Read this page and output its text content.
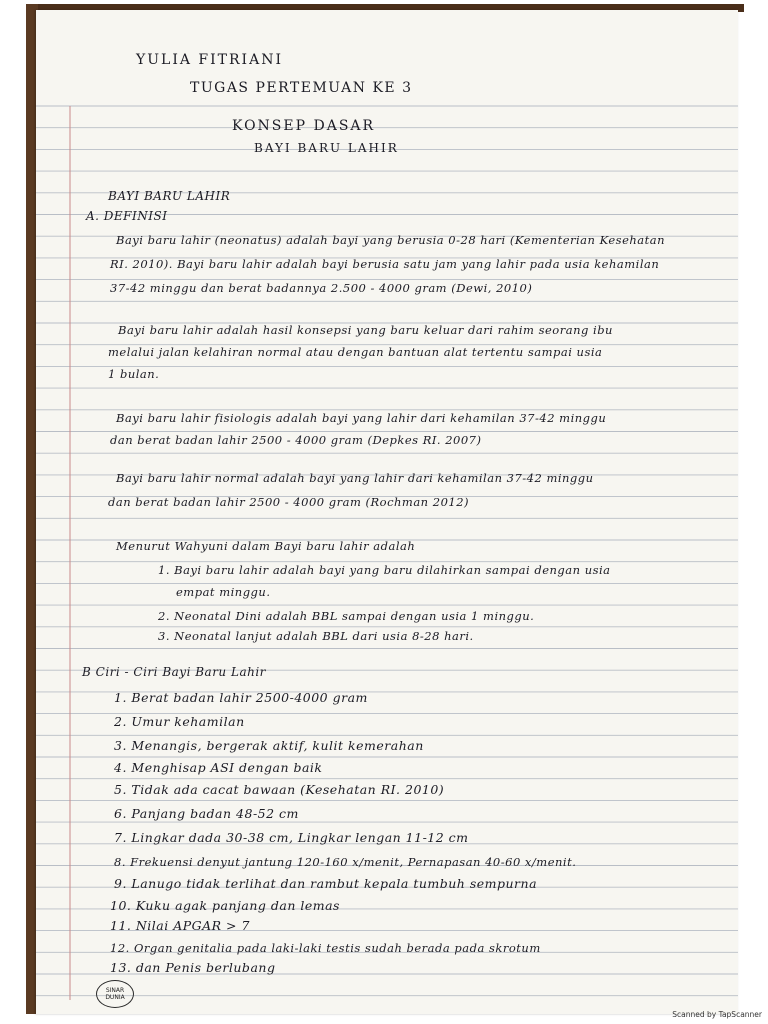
YULIA FITRIANI
TUGAS PERTEMUAN KE 3
KONSEP DASAR
BAYI BARU LAHIR
BAYI BARU LAHIR
A. DEFINISI
Bayi baru lahir (neonatus) adalah bayi yang berusia 0-28 hari (Kementerian Kesehatan
RI. 2010). Bayi baru lahir adalah bayi berusia satu jam yang lahir pada usia kehamilan
37-42 minggu dan berat badannya 2.500 - 4000 gram (Dewi, 2010)
Bayi baru lahir adalah hasil konsepsi yang baru keluar dari rahim seorang ibu
melalui jalan kelahiran normal atau dengan bantuan alat tertentu sampai usia
1 bulan.
Bayi baru lahir fisiologis adalah bayi yang lahir dari kehamilan 37-42 minggu
dan berat badan lahir 2500 - 4000 gram (Depkes RI. 2007)
Bayi baru lahir normal adalah bayi yang lahir dari kehamilan 37-42 minggu
dan berat badan lahir 2500 - 4000 gram (Rochman 2012)
Menurut Wahyuni dalam Bayi baru lahir adalah
1. Bayi baru lahir adalah bayi yang baru dilahirkan sampai dengan usia
empat minggu.
2. Neonatal Dini adalah BBL sampai dengan usia 1 minggu.
3. Neonatal lanjut adalah BBL dari usia 8-28 hari.
B Ciri - Ciri Bayi Baru Lahir
1. Berat badan lahir 2500-4000 gram
2. Umur kehamilan
3. Menangis, bergerak aktif, kulit kemerahan
4. Menghisap ASI dengan baik
5. Tidak ada cacat bawaan (Kesehatan RI. 2010)
6. Panjang badan 48-52 cm
7. Lingkar dada 30-38 cm, Lingkar lengan 11-12 cm
8. Frekuensi denyut jantung 120-160 x/menit, Pernapasan 40-60 x/menit.
9. Lanugo tidak terlihat dan rambut kepala tumbuh sempurna
10. Kuku agak panjang dan lemas
11. Nilai APGAR > 7
12. Organ genitalia pada laki-laki testis sudah berada pada skrotum
13. dan Penis berlubang
SINAR DUNIA
Scanned by TapScanner
